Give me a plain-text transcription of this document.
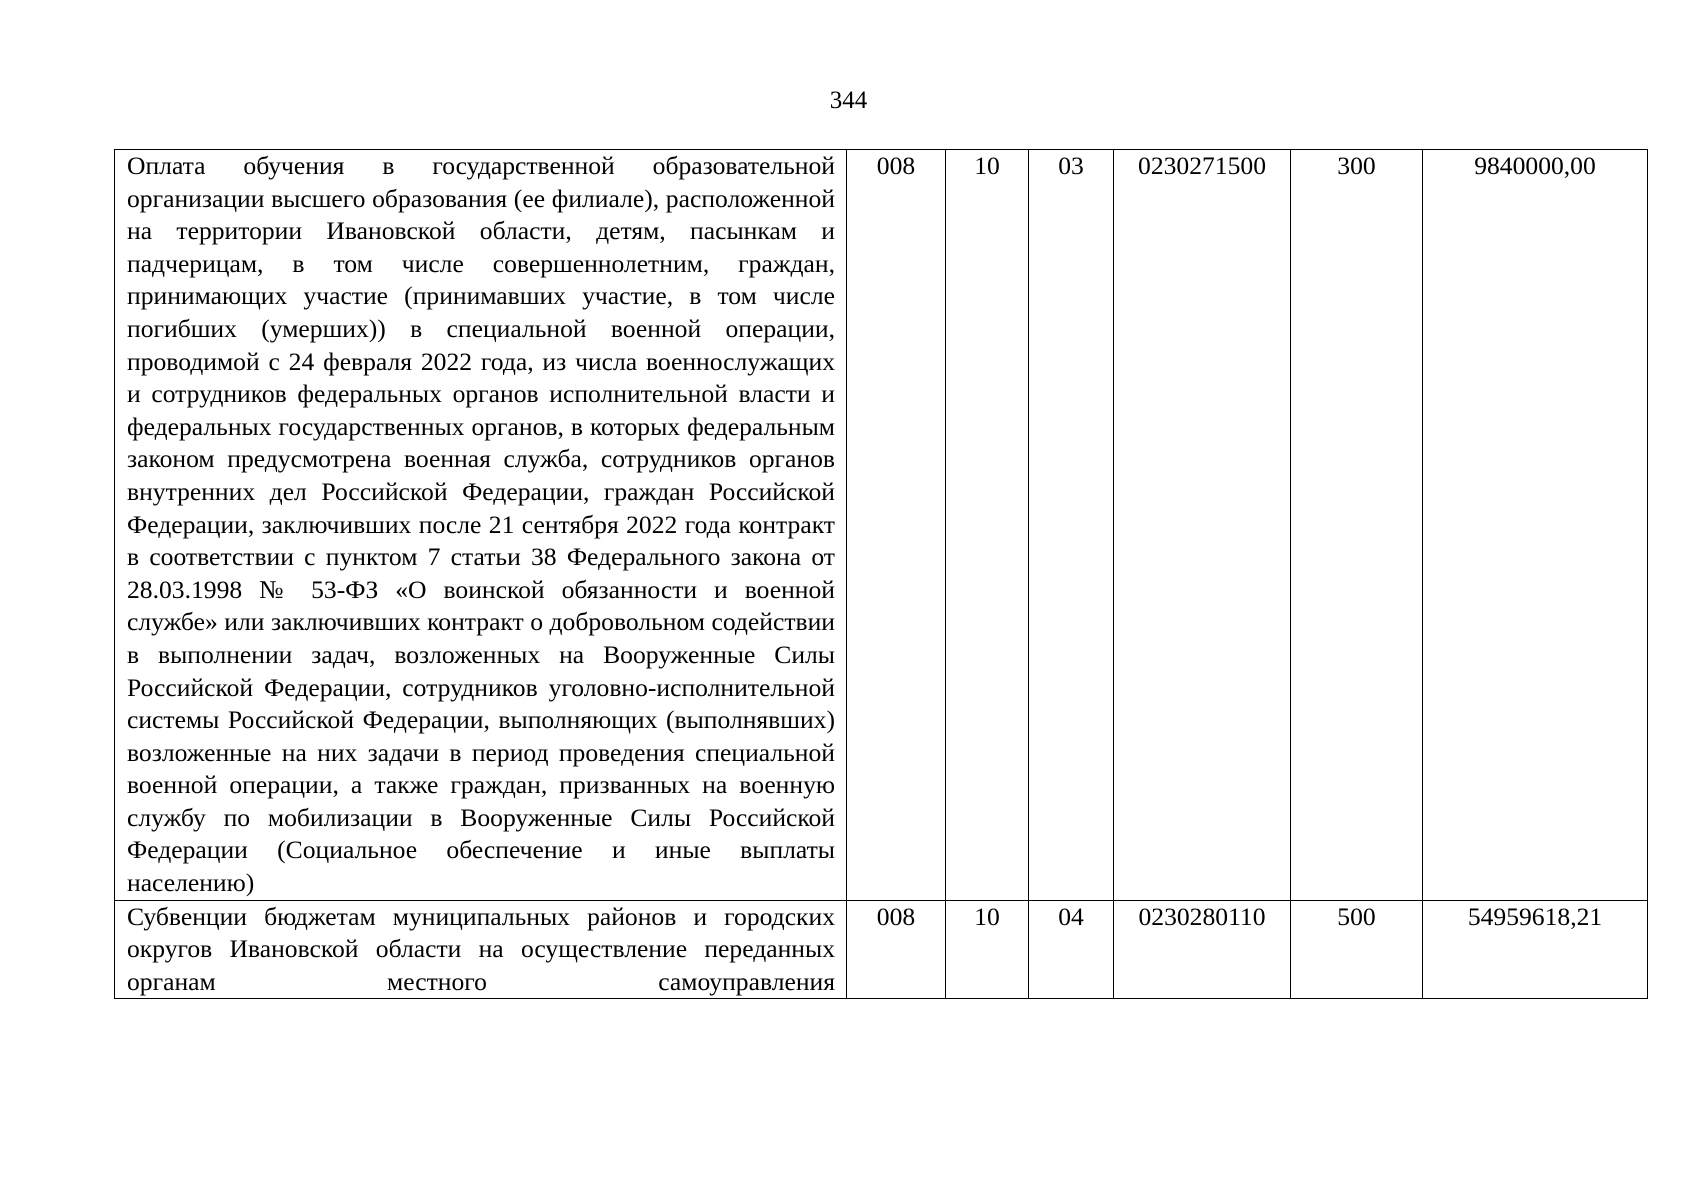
344
Оплата обучения в государственной образовательной организации высшего образования (ее филиале), расположенной на территории Ивановской области, детям, пасынкам и падчерицам, в том числе совершеннолетним, граждан, принимающих участие (принимавших участие, в том числе погибших (умерших)) в специальной военной операции, проводимой с 24 февраля 2022 года, из числа военнослужащих и сотрудников федеральных органов исполнительной власти и федеральных государственных органов, в которых федеральным законом предусмотрена военная служба, сотрудников органов внутренних дел Российской Федерации, граждан Российской Федерации, заключивших после 21 сентября 2022 года контракт в соответствии с пунктом 7 статьи 38 Федерального закона от 28.03.1998 № 53-ФЗ «О воинской обязанности и военной службе» или заключивших контракт о добровольном содействии в выполнении задач, возложенных на Вооруженные Силы Российской Федерации, сотрудников уголовно-исполнительной системы Российской Федерации, выполняющих (выполнявших) возложенные на них задачи в период проведения специальной военной операции, а также граждан, призванных на военную службу по мобилизации в Вооруженные Силы Российской Федерации (Социальное обеспечение и иные выплаты населению)	008	10	03	0230271500	300	9840000,00

Субвенции бюджетам муниципальных районов и городских округов Ивановской области на осуществление переданных органам местного самоуправления	008	10	04	0230280110	500	54959618,21
